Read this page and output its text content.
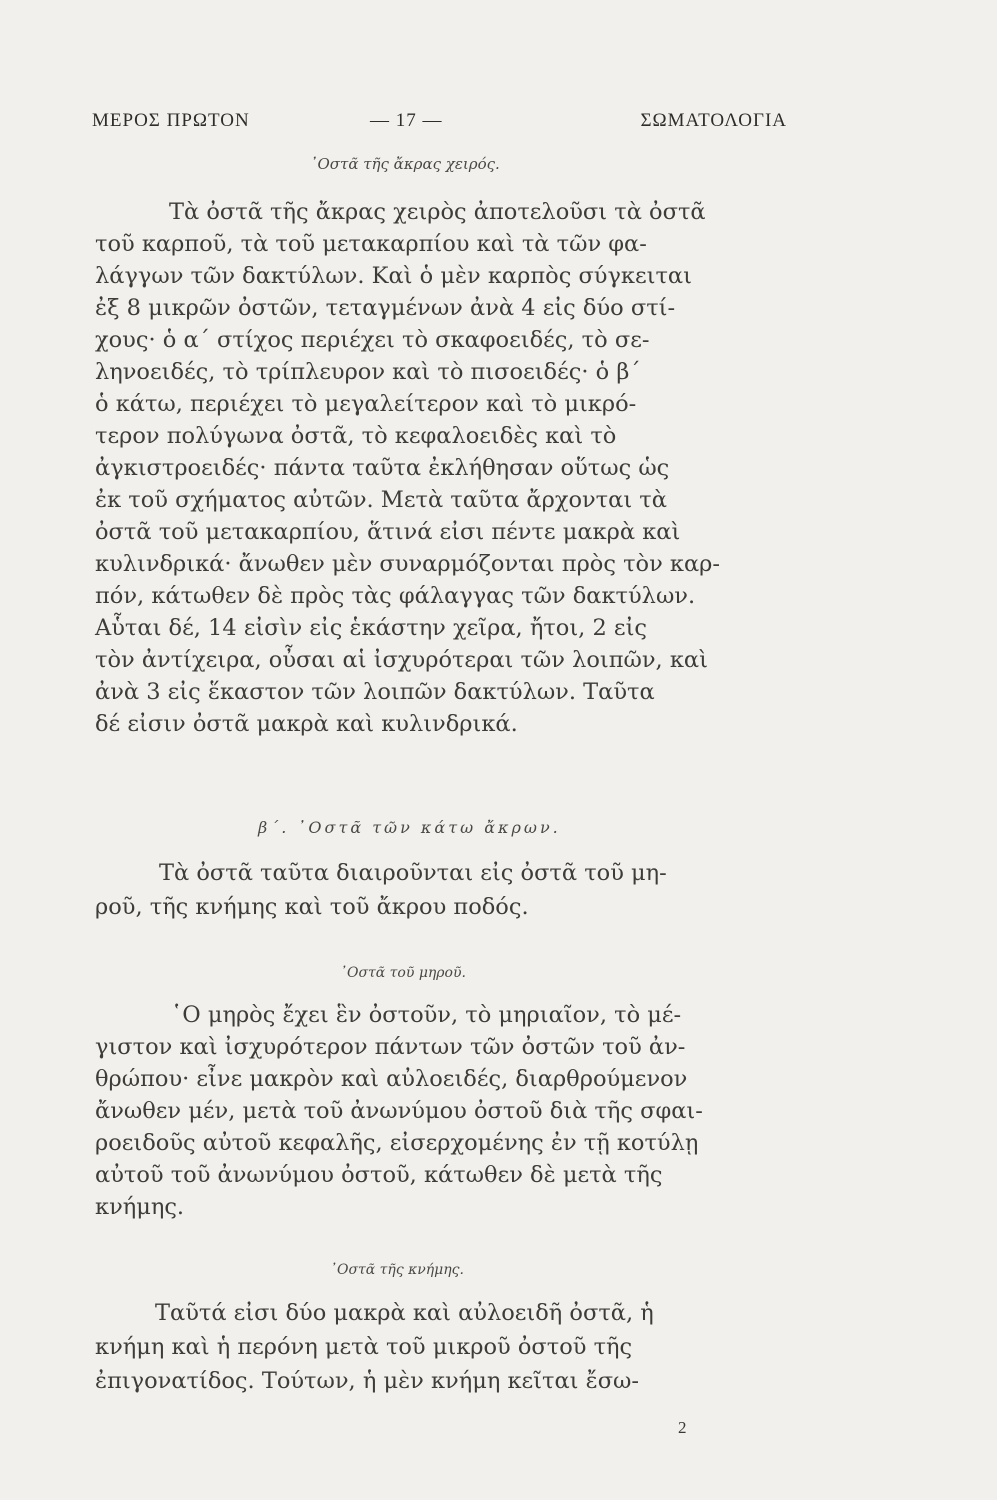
ΜΕΡΟΣ ΠΡΩΤΟΝ	— 17 —	ΣΩΜΑΤΟΛΟΓΙΑ
᾿Οστᾶ τῆς ἄκρας χειρός.
Τὰ ὀστᾶ τῆς ἄκρας χειρὸς ἀποτελοῦσι τὰ ὀστᾶ
τοῦ καρποῦ, τὰ τοῦ μετακαρπίου καὶ τὰ τῶν φα-
λάγγων τῶν δακτύλων. Καὶ ὁ μὲν καρπὸς σύγκειται
ἐξ 8 μικρῶν ὀστῶν, τεταγμένων ἀνὰ 4 εἰς δύο στί-
χους· ὁ α΄ στίχος περιέχει τὸ σκαφοειδές, τὸ σε-
ληνοειδές, τὸ τρίπλευρον καὶ τὸ πισοειδές· ὁ β΄
ὁ κάτω, περιέχει τὸ μεγαλείτερον καὶ τὸ μικρό-
τερον πολύγωνα ὀστᾶ, τὸ κεφαλοειδὲς καὶ τὸ
ἀγκιστροειδές· πάντα ταῦτα ἐκλήθησαν οὕτως ὡς
ἐκ τοῦ σχήματος αὐτῶν. Μετὰ ταῦτα ἄρχονται τὰ
ὀστᾶ τοῦ μετακαρπίου, ἅτινά εἰσι πέντε μακρὰ καὶ
κυλινδρικά· ἄνωθεν μὲν συναρμόζονται πρὸς τὸν καρ-
πόν, κάτωθεν δὲ πρὸς τὰς φάλαγγας τῶν δακτύλων.
Αὗται δέ, 14 εἰσὶν εἰς ἑκάστην χεῖρα, ἤτοι, 2 εἰς
τὸν ἀντίχειρα, οὖσαι αἱ ἰσχυρότεραι τῶν λοιπῶν, καὶ
ἀνὰ 3 εἰς ἕκαστον τῶν λοιπῶν δακτύλων. Ταῦτα
δέ εἰσιν ὀστᾶ μακρὰ καὶ κυλινδρικά.
β΄. ᾿Οστᾶ τῶν κάτω ἄκρων.
Τὰ ὀστᾶ ταῦτα διαιροῦνται εἰς ὀστᾶ τοῦ μη-
ροῦ, τῆς κνήμης καὶ τοῦ ἄκρου ποδός.
᾿Οστᾶ τοῦ μηροῦ.
῾Ο μηρὸς ἔχει ἓν ὀστοῦν, τὸ μηριαῖον, τὸ μέ-
γιστον καὶ ἰσχυρότερον πάντων τῶν ὀστῶν τοῦ ἀν-
θρώπου· εἶνε μακρὸν καὶ αὐλοειδές, διαρθρούμενον
ἄνωθεν μέν, μετὰ τοῦ ἀνωνύμου ὀστοῦ διὰ τῆς σφαι-
ροειδοῦς αὐτοῦ κεφαλῆς, εἰσερχομένης ἐν τῇ κοτύλῃ
αὐτοῦ τοῦ ἀνωνύμου ὀστοῦ, κάτωθεν δὲ μετὰ τῆς
κνήμης.
᾿Οστᾶ τῆς κνήμης.
Ταῦτά εἰσι δύο μακρὰ καὶ αὐλοειδῆ ὀστᾶ, ἡ
κνήμη καὶ ἡ περόνη μετὰ τοῦ μικροῦ ὀστοῦ τῆς
ἐπιγονατίδος. Τούτων, ἡ μὲν κνήμη κεῖται ἔσω-
2
